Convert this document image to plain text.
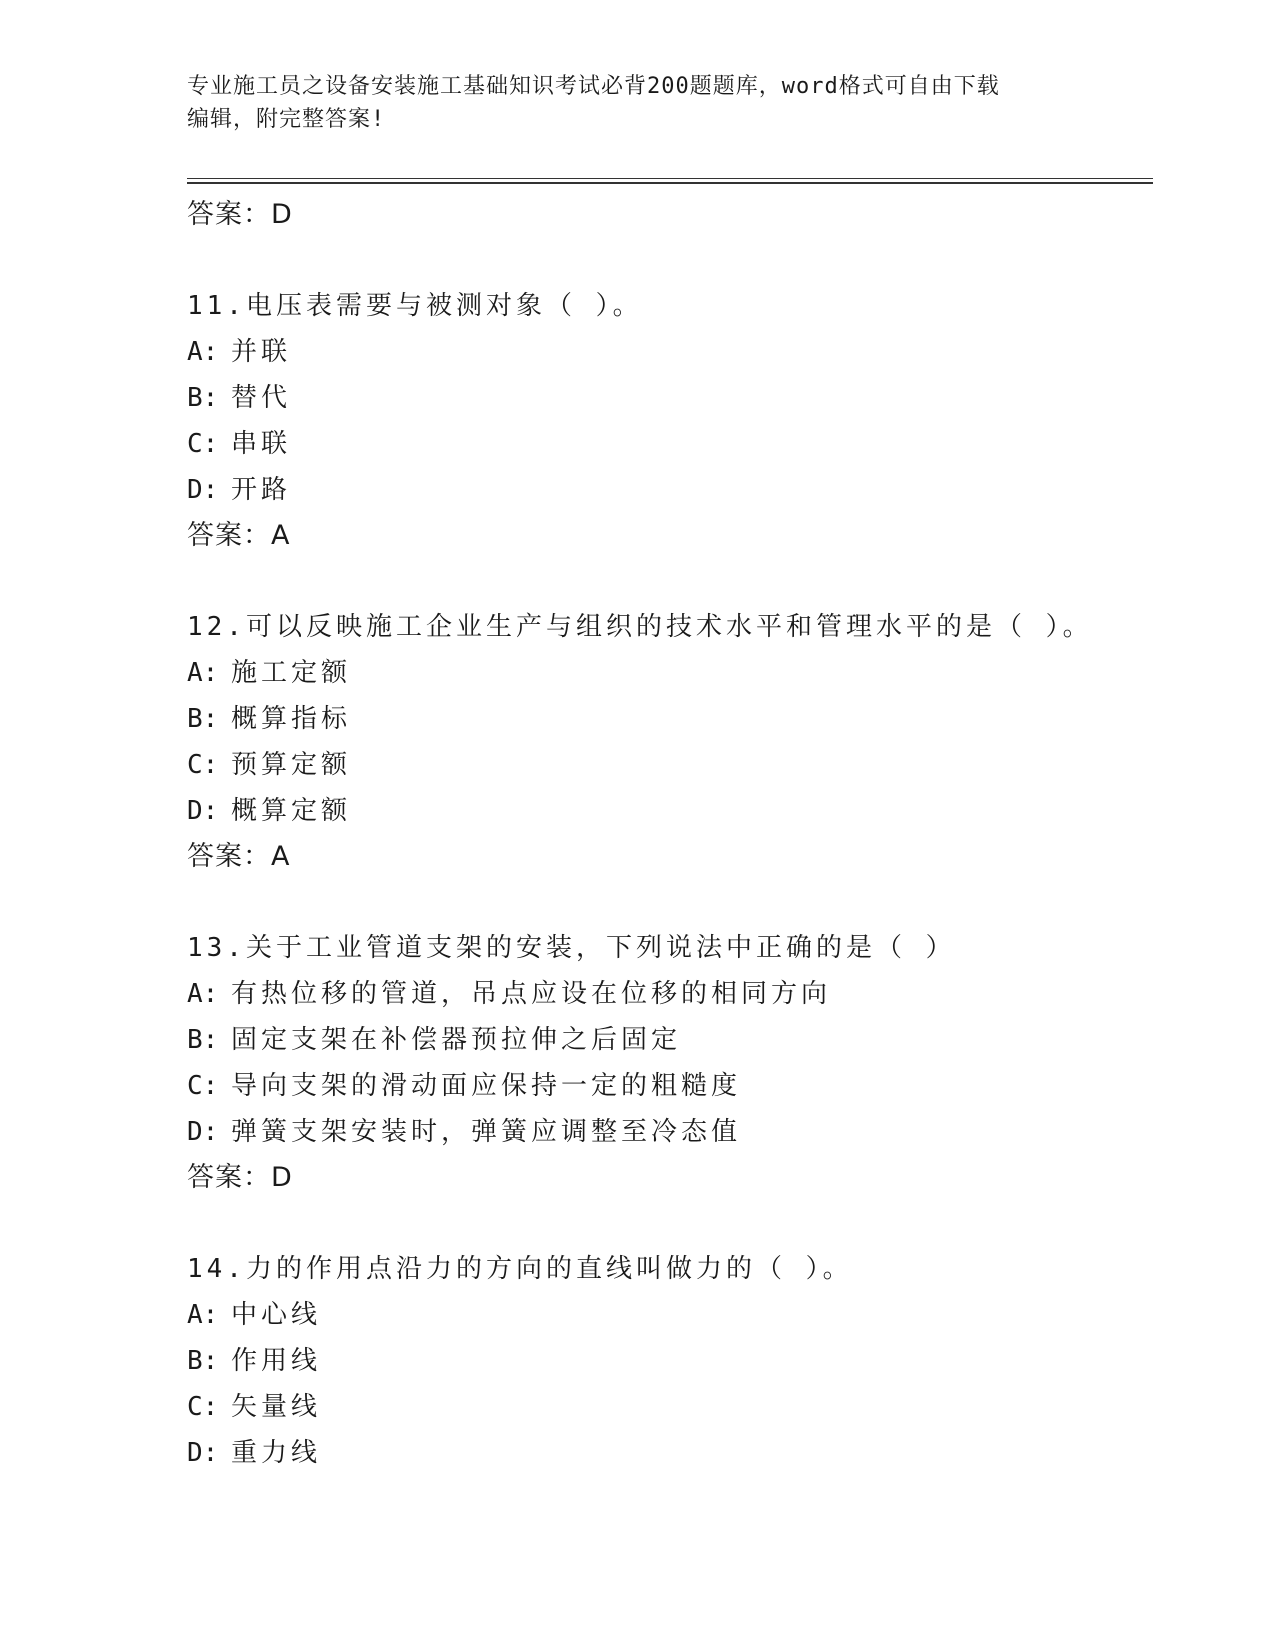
专业施工员之设备安装施工基础知识考试必背200题题库，word格式可自由下载
编辑，附完整答案!
答案：D
11.电压表需要与被测对象（ ）。
A: 并联
B: 替代
C: 串联
D: 开路
答案：A
12.可以反映施工企业生产与组织的技术水平和管理水平的是（ ）。
A: 施工定额
B: 概算指标
C: 预算定额
D: 概算定额
答案：A
13.关于工业管道支架的安装，下列说法中正确的是（ ）
A: 有热位移的管道，吊点应设在位移的相同方向
B: 固定支架在补偿器预拉伸之后固定
C: 导向支架的滑动面应保持一定的粗糙度
D: 弹簧支架安装时，弹簧应调整至冷态值
答案：D
14.力的作用点沿力的方向的直线叫做力的（ ）。
A: 中心线
B: 作用线
C: 矢量线
D: 重力线
